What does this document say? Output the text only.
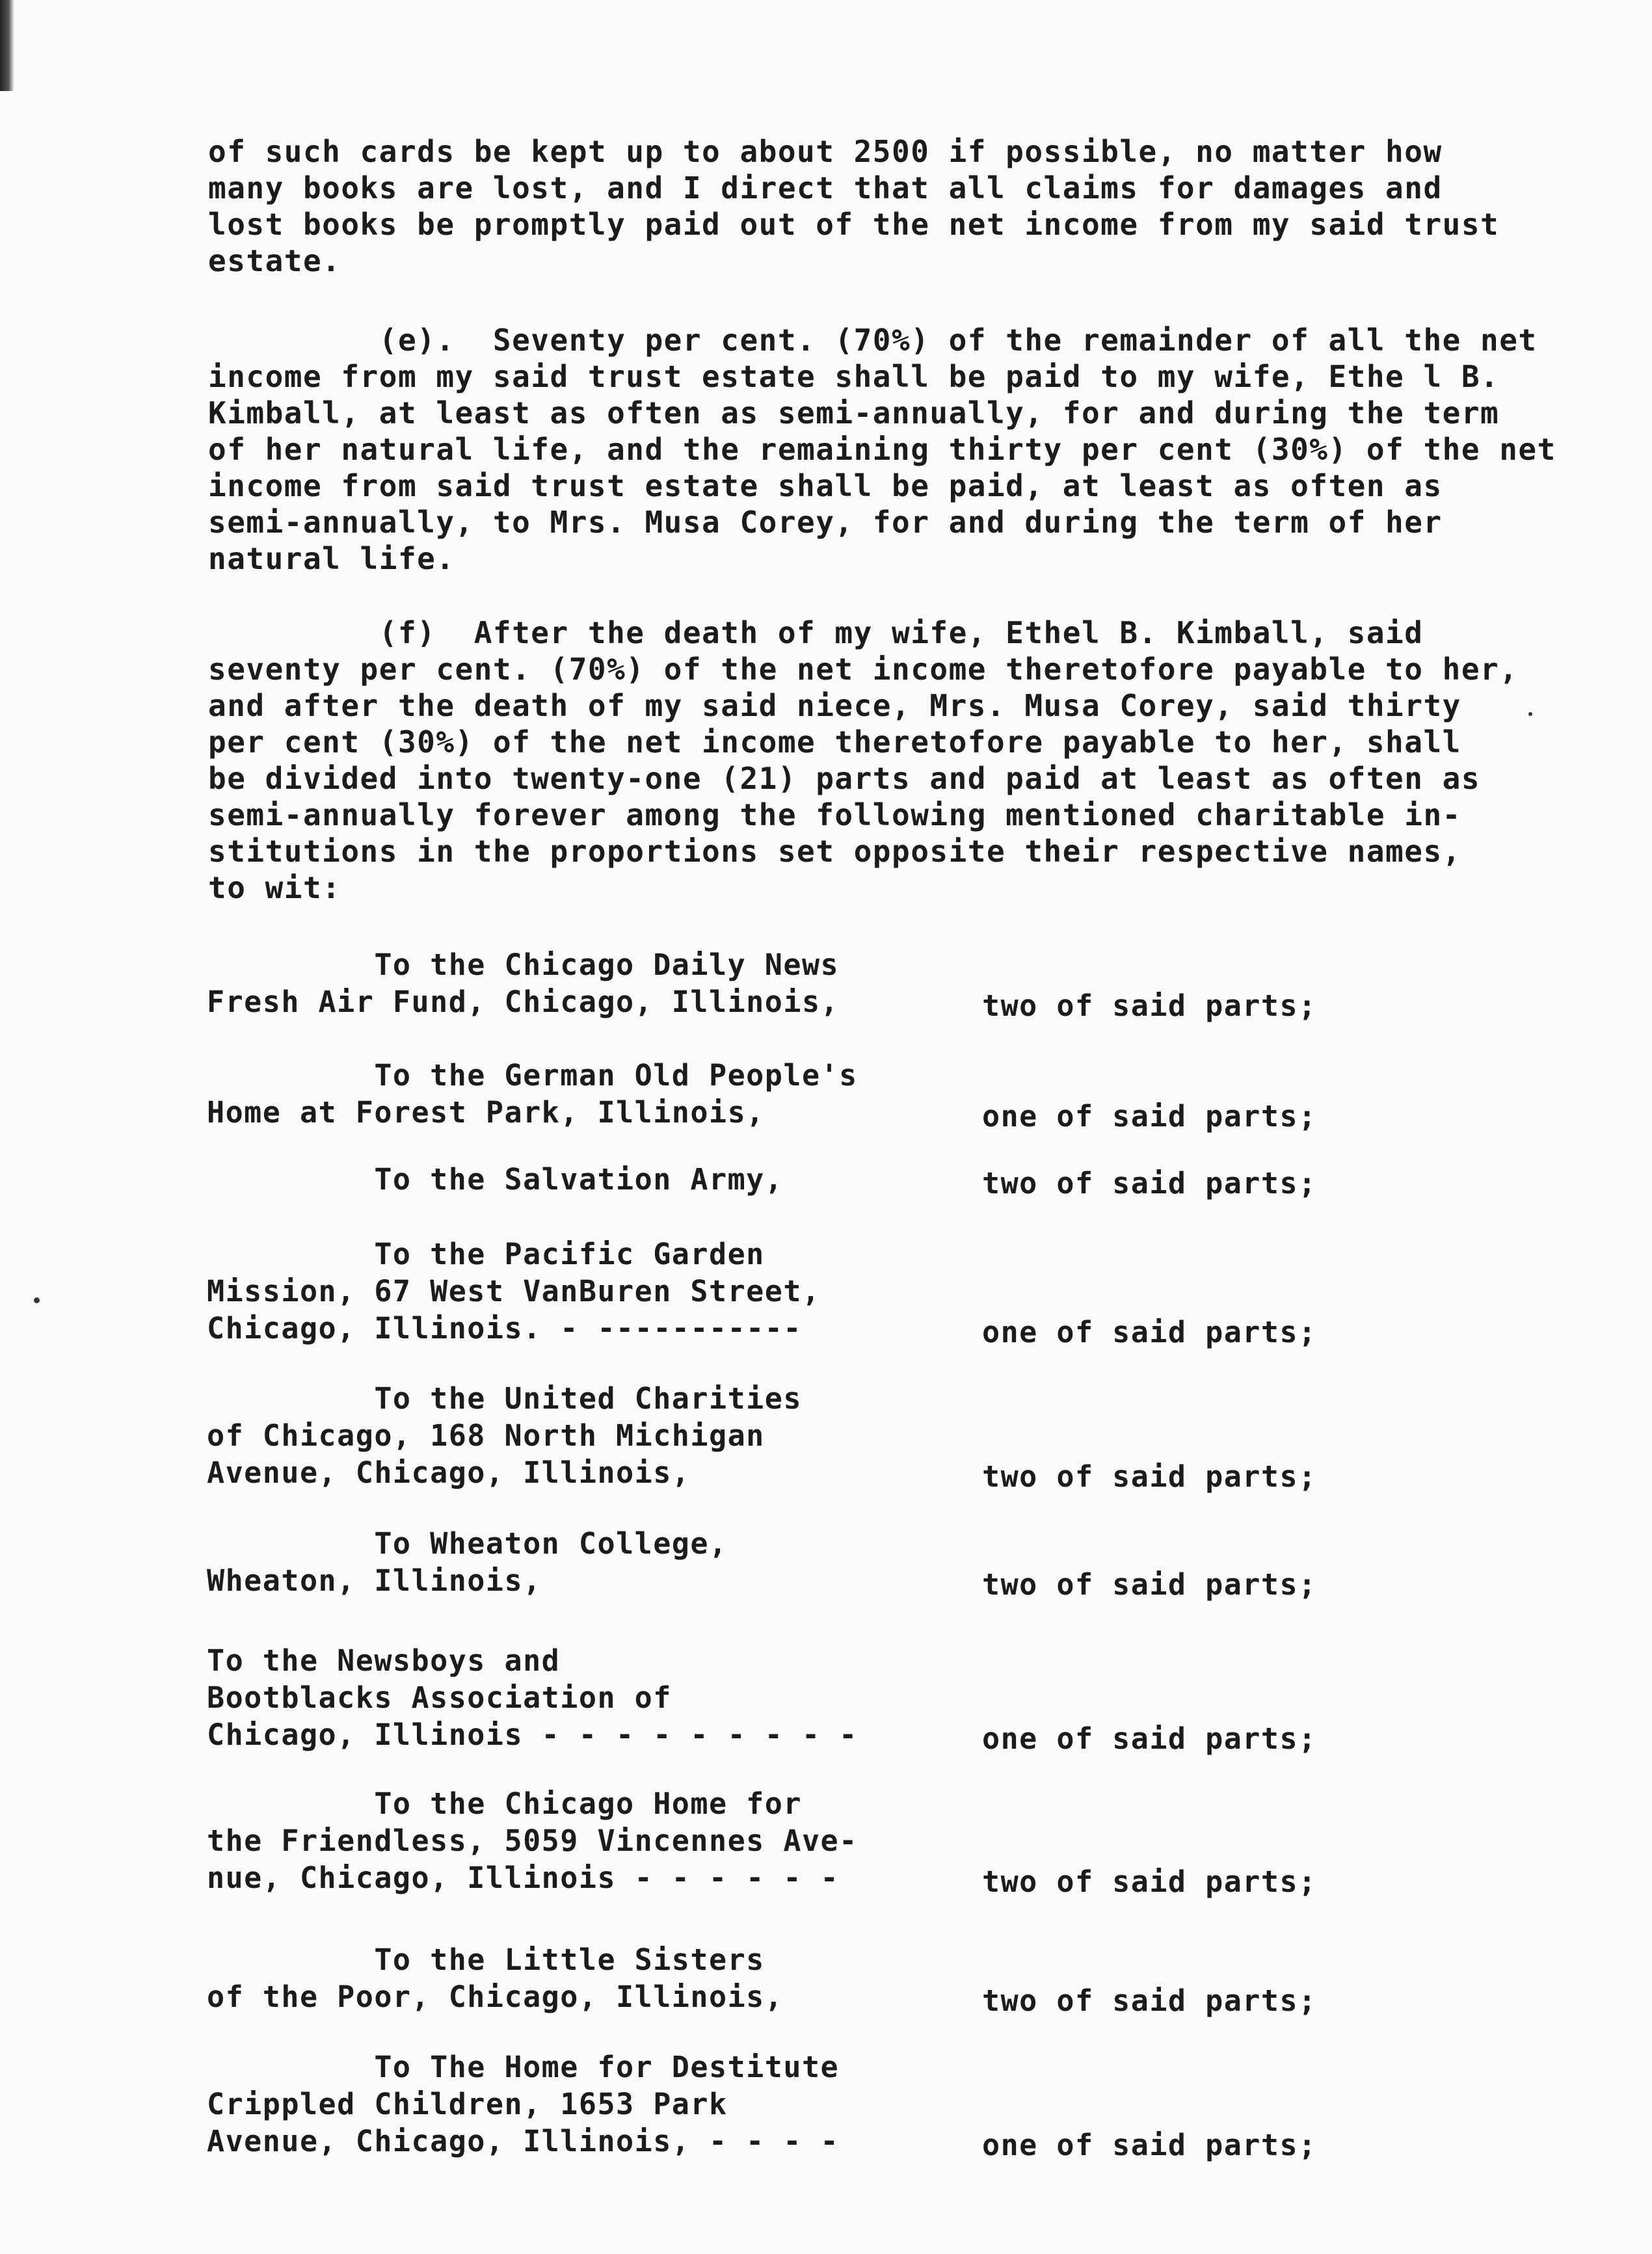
of such cards be kept up to about 2500 if possible, no matter how
many books are lost, and I direct that all claims for damages and
lost books be promptly paid out of the net income from my said trust
estate.
(e).  Seventy per cent. (70%) of the remainder of all the net
income from my said trust estate shall be paid to my wife, Ethe l B.
Kimball, at least as often as semi-annually, for and during the term
of her natural life, and the remaining thirty per cent (30%) of the net
income from said trust estate shall be paid, at least as often as
semi-annually, to Mrs. Musa Corey, for and during the term of her
natural life.
(f)  After the death of my wife, Ethel B. Kimball, said
seventy per cent. (70%) of the net income theretofore payable to her,
and after the death of my said niece, Mrs. Musa Corey, said thirty
per cent (30%) of the net income theretofore payable to her, shall
be divided into twenty-one (21) parts and paid at least as often as
semi-annually forever among the following mentioned charitable in-
stitutions in the proportions set opposite their respective names,
to wit:
To the Chicago Daily News
Fresh Air Fund, Chicago, Illinois,	two of said parts;
To the German Old People's
Home at Forest Park, Illinois,	one of said parts;
To the Salvation Army,	two of said parts;
To the Pacific Garden
Mission, 67 West VanBuren Street,
Chicago, Illinois. - -----------	one of said parts;
To the United Charities
of Chicago, 168 North Michigan
Avenue, Chicago, Illinois,	two of said parts;
To Wheaton College,
Wheaton, Illinois,	two of said parts;
To the Newsboys and
Bootblacks Association of
Chicago, Illinois - - - - - - - - -	one of said parts;
To the Chicago Home for
the Friendless, 5059 Vincennes Ave-
nue, Chicago, Illinois - - - - - -	two of said parts;
To the Little Sisters
of the Poor, Chicago, Illinois,	two of said parts;
To The Home for Destitute
Crippled Children, 1653 Park
Avenue, Chicago, Illinois, - - - -	one of said parts;
